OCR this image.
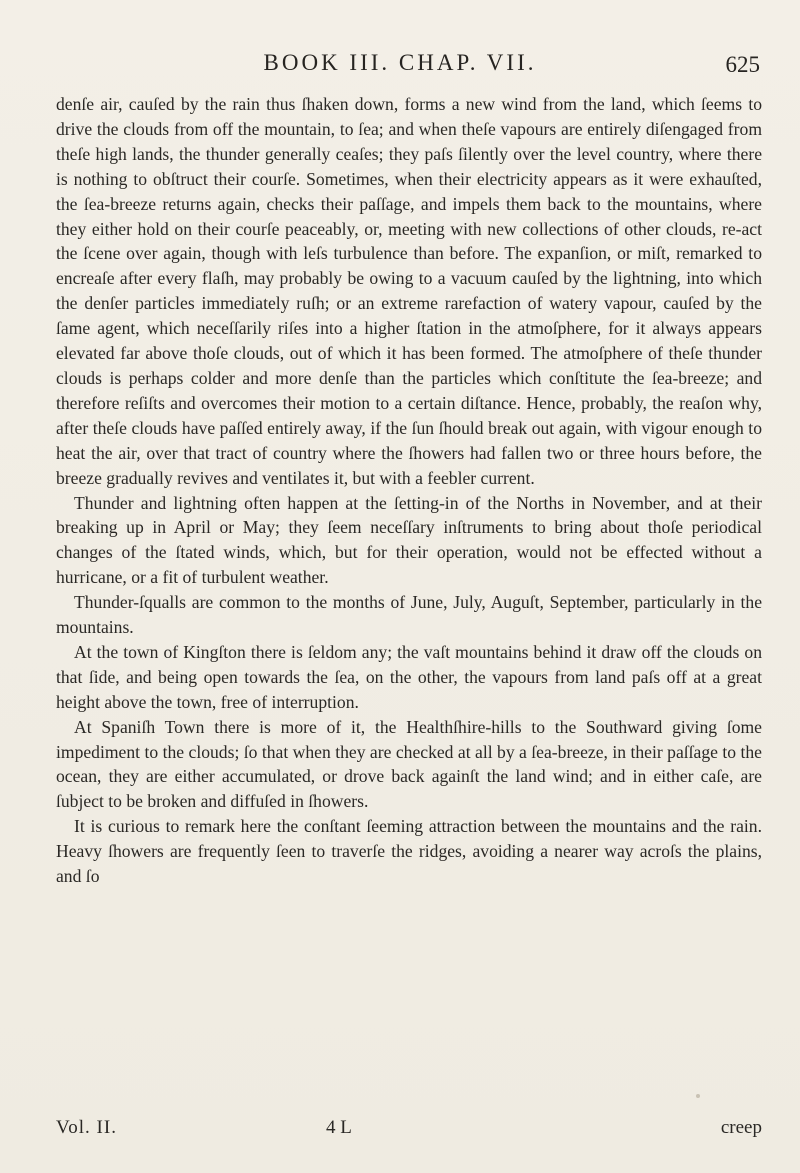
BOOK III. CHAP. VII.	625

denſe air, cauſed by the rain thus ſhaken down, forms a new wind from the land, which ſeems to drive the clouds from off the mountain, to ſea; and when theſe vapours are entirely diſengaged from theſe high lands, the thunder generally ceaſes; they paſs ſilently over the level country, where there is nothing to obſtruct their courſe. Sometimes, when their electricity appears as it were exhauſted, the ſea-breeze returns again, checks their paſſage, and impels them back to the mountains, where they either hold on their courſe peaceably, or, meeting with new collections of other clouds, re-act the ſcene over again, though with leſs turbulence than before. The expanſion, or miſt, remarked to encreaſe after every flaſh, may probably be owing to a vacuum cauſed by the lightning, into which the denſer particles immediately ruſh; or an extreme rarefaction of watery vapour, cauſed by the ſame agent, which neceſſarily riſes into a higher ſtation in the atmoſphere, for it always appears elevated far above thoſe clouds, out of which it has been formed. The atmoſphere of theſe thunder clouds is perhaps colder and more denſe than the particles which conſtitute the ſea-breeze; and therefore reſiſts and overcomes their motion to a certain diſtance. Hence, probably, the reaſon why, after theſe clouds have paſſed entirely away, if the ſun ſhould break out again, with vigour enough to heat the air, over that tract of country where the ſhowers had fallen two or three hours before, the breeze gradually revives and ventilates it, but with a feebler current.

Thunder and lightning often happen at the ſetting-in of the Norths in November, and at their breaking up in April or May; they ſeem neceſſary inſtruments to bring about thoſe periodical changes of the ſtated winds, which, but for their operation, would not be effected without a hurricane, or a fit of turbulent weather.

Thunder-ſqualls are common to the months of June, July, Auguſt, September, particularly in the mountains.

At the town of Kingſton there is ſeldom any; the vaſt mountains behind it draw off the clouds on that ſide, and being open towards the ſea, on the other, the vapours from land paſs off at a great height above the town, free of interruption.

At Spaniſh Town there is more of it, the Healthſhire-hills to the Southward giving ſome impediment to the clouds; ſo that when they are checked at all by a ſea-breeze, in their paſſage to the ocean, they are either accumulated, or drove back againſt the land wind; and in either caſe, are ſubject to be broken and diffuſed in ſhowers.

It is curious to remark here the conſtant ſeeming attraction between the mountains and the rain. Heavy ſhowers are frequently ſeen to traverſe the ridges, avoiding a nearer way acroſs the plains, and ſo

Vol. II.	4 L	creep
